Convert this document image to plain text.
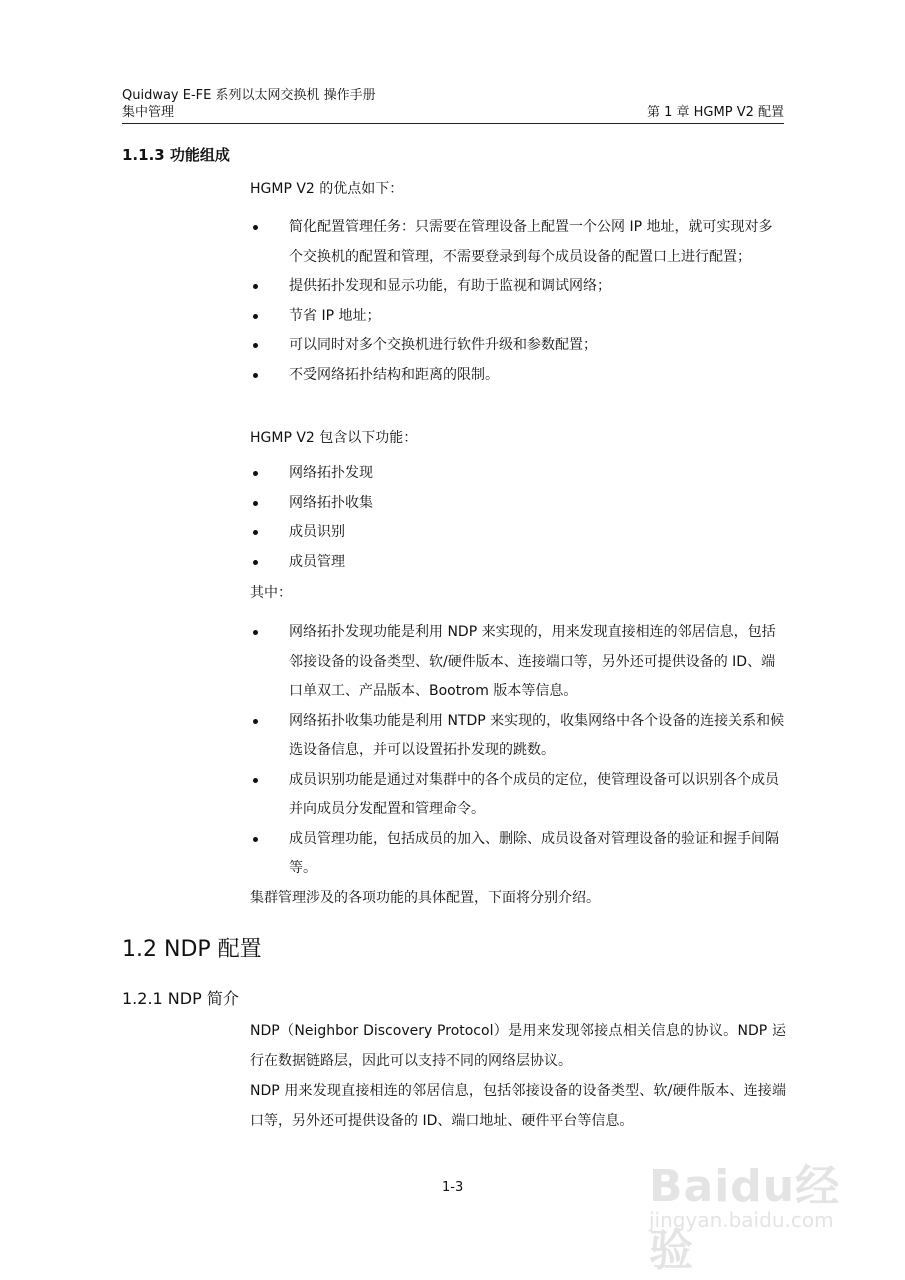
Quidway E-FE 系列以太网交换机 操作手册
集中管理	第 1 章 HGMP V2 配置
1.1.3 功能组成
HGMP V2 的优点如下：
简化配置管理任务：只需要在管理设备上配置一个公网 IP 地址，就可实现对多个交换机的配置和管理，不需要登录到每个成员设备的配置口上进行配置；
提供拓扑发现和显示功能，有助于监视和调试网络；
节省 IP 地址；
可以同时对多个交换机进行软件升级和参数配置；
不受网络拓扑结构和距离的限制。
HGMP V2 包含以下功能：
网络拓扑发现
网络拓扑收集
成员识别
成员管理
其中：
网络拓扑发现功能是利用 NDP 来实现的，用来发现直接相连的邻居信息，包括邻接设备的设备类型、软/硬件版本、连接端口等，另外还可提供设备的 ID、端口单双工、产品版本、Bootrom 版本等信息。
网络拓扑收集功能是利用 NTDP 来实现的，收集网络中各个设备的连接关系和候选设备信息，并可以设置拓扑发现的跳数。
成员识别功能是通过对集群中的各个成员的定位，使管理设备可以识别各个成员并向成员分发配置和管理命令。
成员管理功能，包括成员的加入、删除、成员设备对管理设备的验证和握手间隔等。
集群管理涉及的各项功能的具体配置，下面将分别介绍。
1.2 NDP 配置
1.2.1 NDP 简介
NDP（Neighbor Discovery Protocol）是用来发现邻接点相关信息的协议。NDP 运行在数据链路层，因此可以支持不同的网络层协议。
NDP 用来发现直接相连的邻居信息，包括邻接设备的设备类型、软/硬件版本、连接端口等，另外还可提供设备的 ID、端口地址、硬件平台等信息。
1-3	Baidu经验
jingyan.baidu.com
